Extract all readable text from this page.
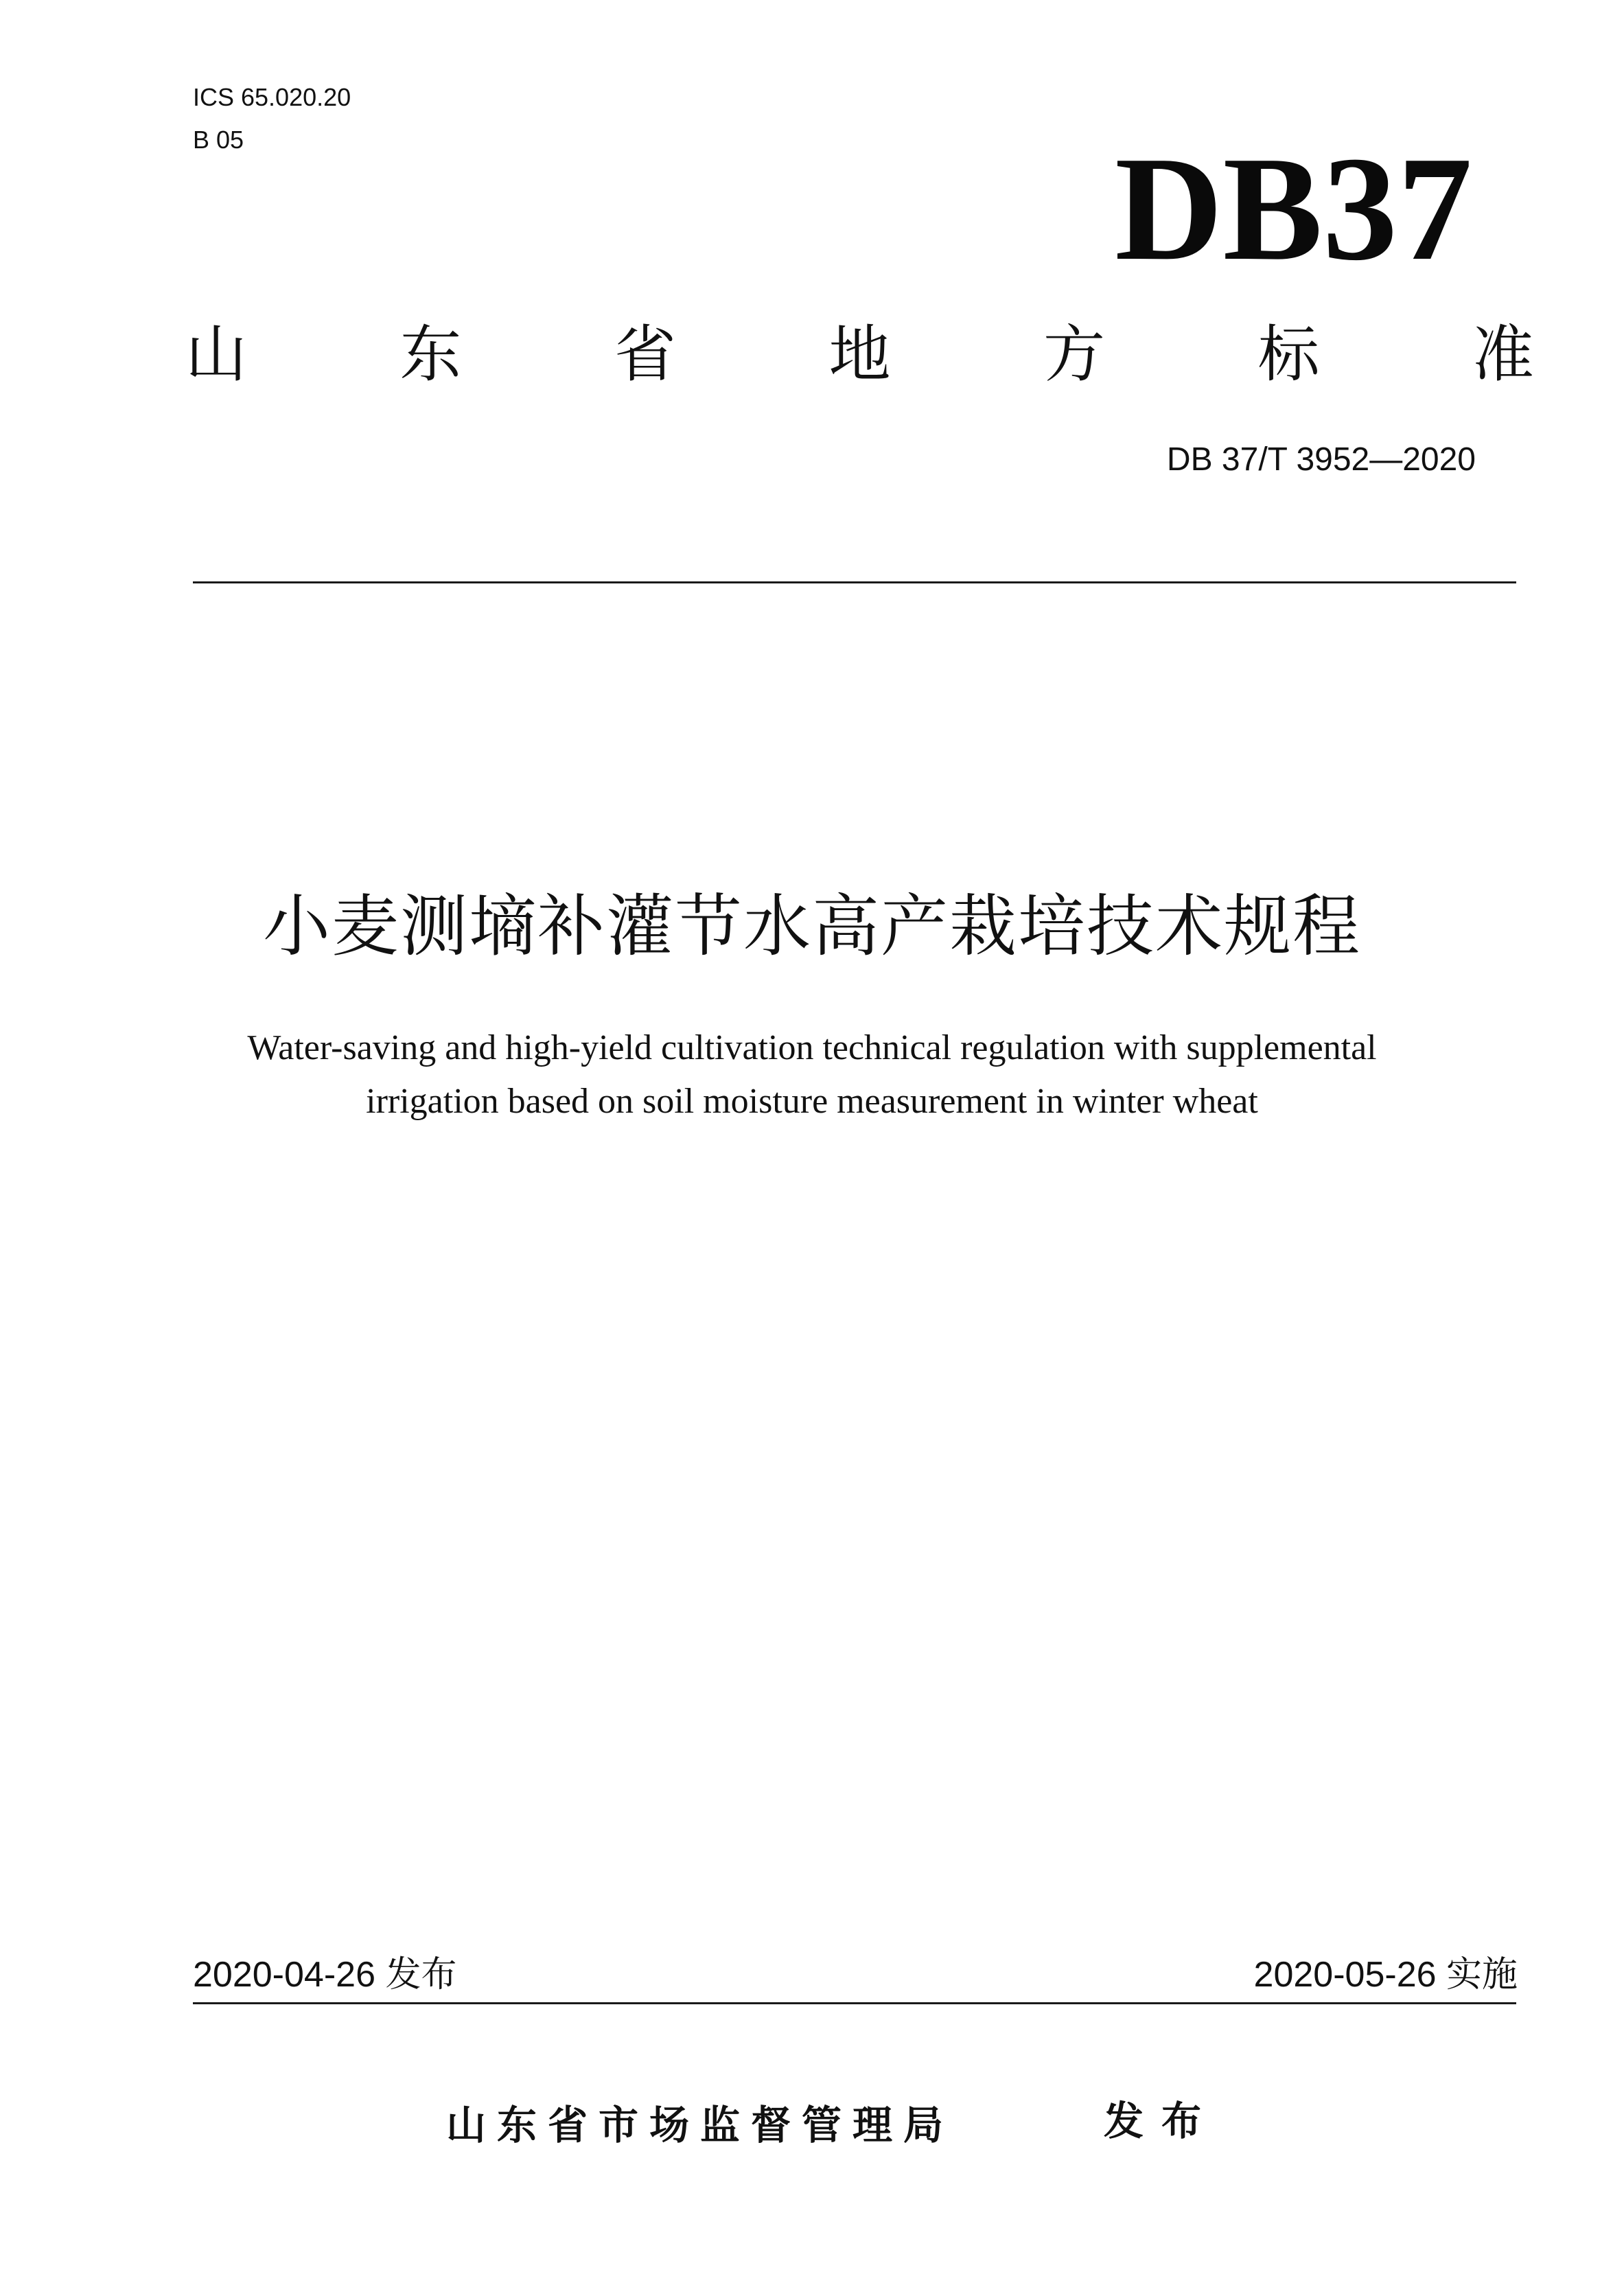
ICS 65.020.20
B 05	DB37
山 东 省 地 方 标 准
DB 37/T 3952—2020
小麦测墒补灌节水高产栽培技术规程
Water-saving and high-yield cultivation technical regulation with supplemental
irrigation based on soil moisture measurement in winter wheat
2020-04-26 发布	2020-05-26 实施
山东省市场监督管理局	发布
